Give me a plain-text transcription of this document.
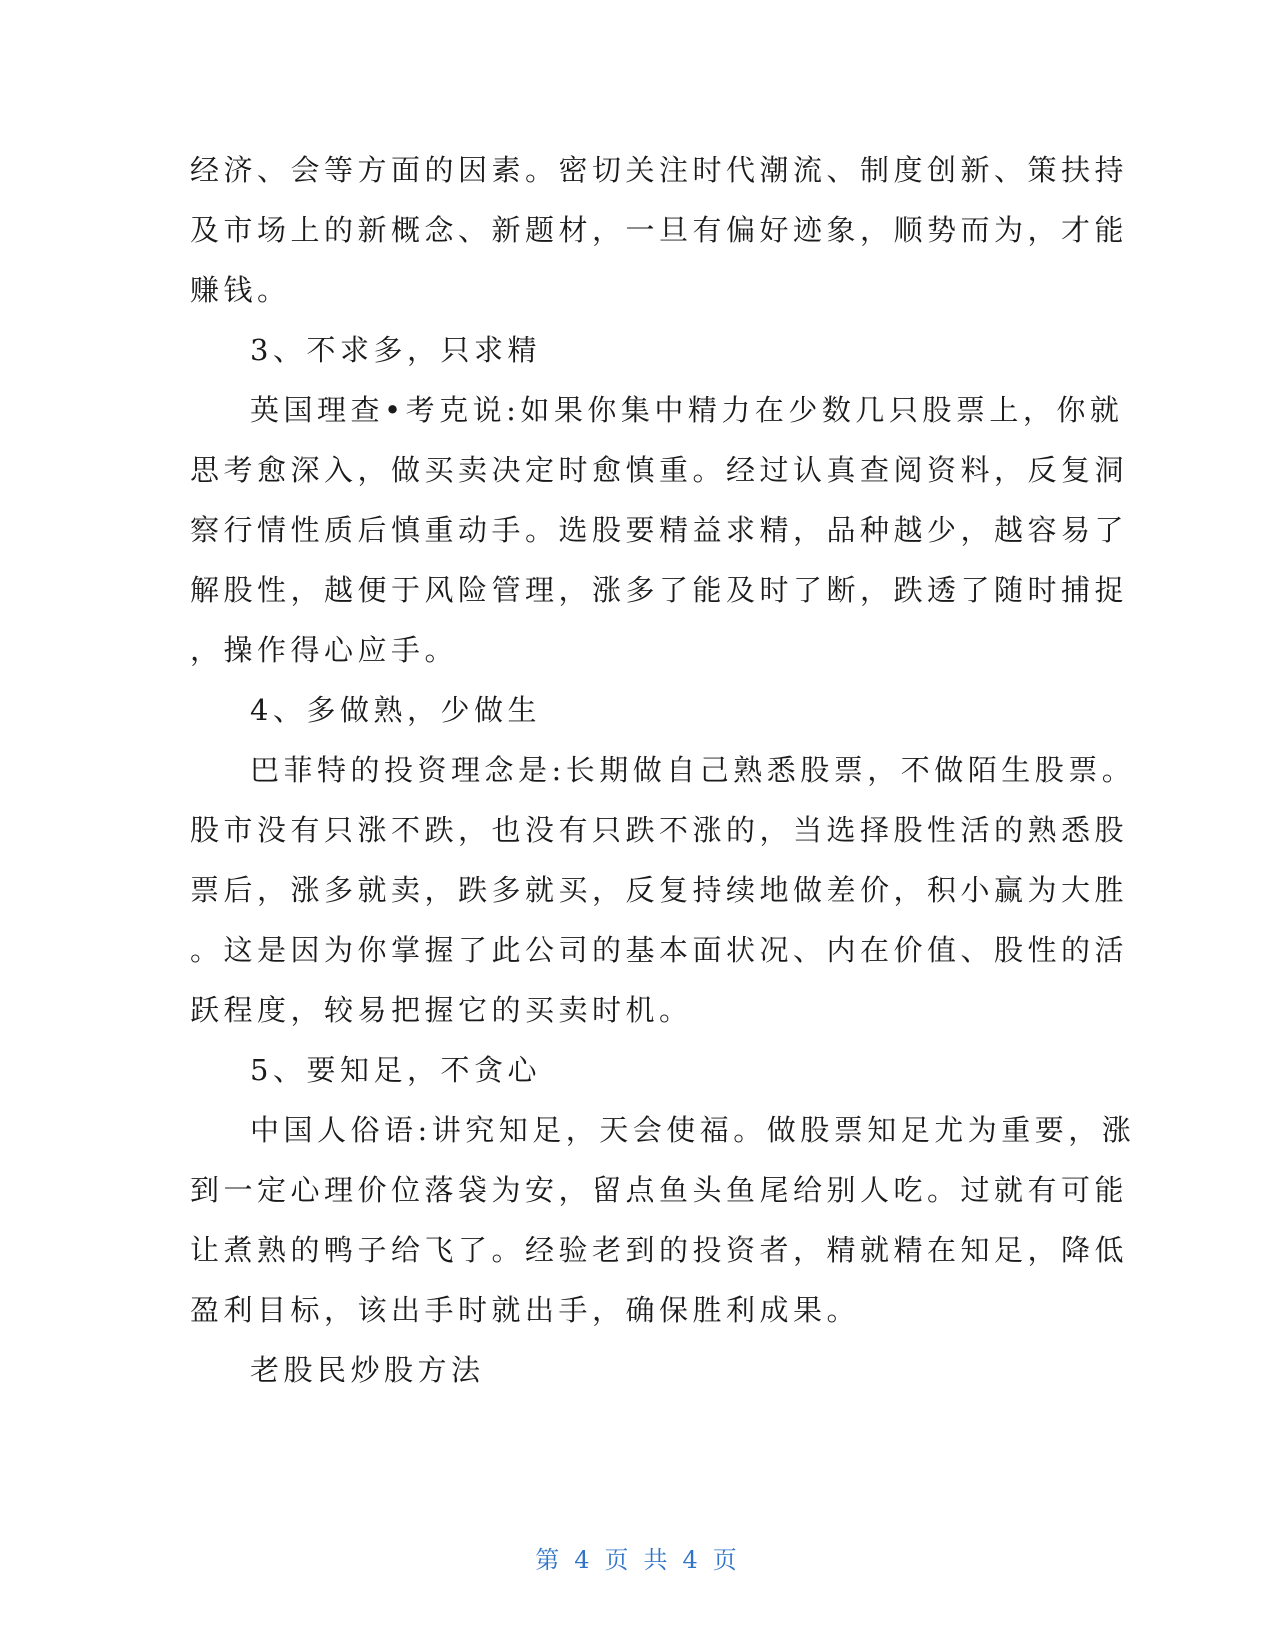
经济、会等方面的因素。密切关注时代潮流、制度创新、策扶持

及市场上的新概念、新题材，一旦有偏好迹象，顺势而为，才能

赚钱。

3、不求多，只求精

英国理查•考克说:如果你集中精力在少数几只股票上，你就

思考愈深入，做买卖决定时愈慎重。经过认真查阅资料，反复洞

察行情性质后慎重动手。选股要精益求精，品种越少，越容易了

解股性，越便于风险管理，涨多了能及时了断，跌透了随时捕捉

，操作得心应手。

4、多做熟，少做生

巴菲特的投资理念是:长期做自己熟悉股票，不做陌生股票。

股市没有只涨不跌，也没有只跌不涨的，当选择股性活的熟悉股

票后，涨多就卖，跌多就买，反复持续地做差价，积小赢为大胜

。这是因为你掌握了此公司的基本面状况、内在价值、股性的活

跃程度，较易把握它的买卖时机。

5、要知足，不贪心

中国人俗语:讲究知足，天会使福。做股票知足尤为重要，涨

到一定心理价位落袋为安，留点鱼头鱼尾给别人吃。过就有可能

让煮熟的鸭子给飞了。经验老到的投资者，精就精在知足，降低

盈利目标，该出手时就出手，确保胜利成果。

老股民炒股方法

第 4 页 共 4 页
